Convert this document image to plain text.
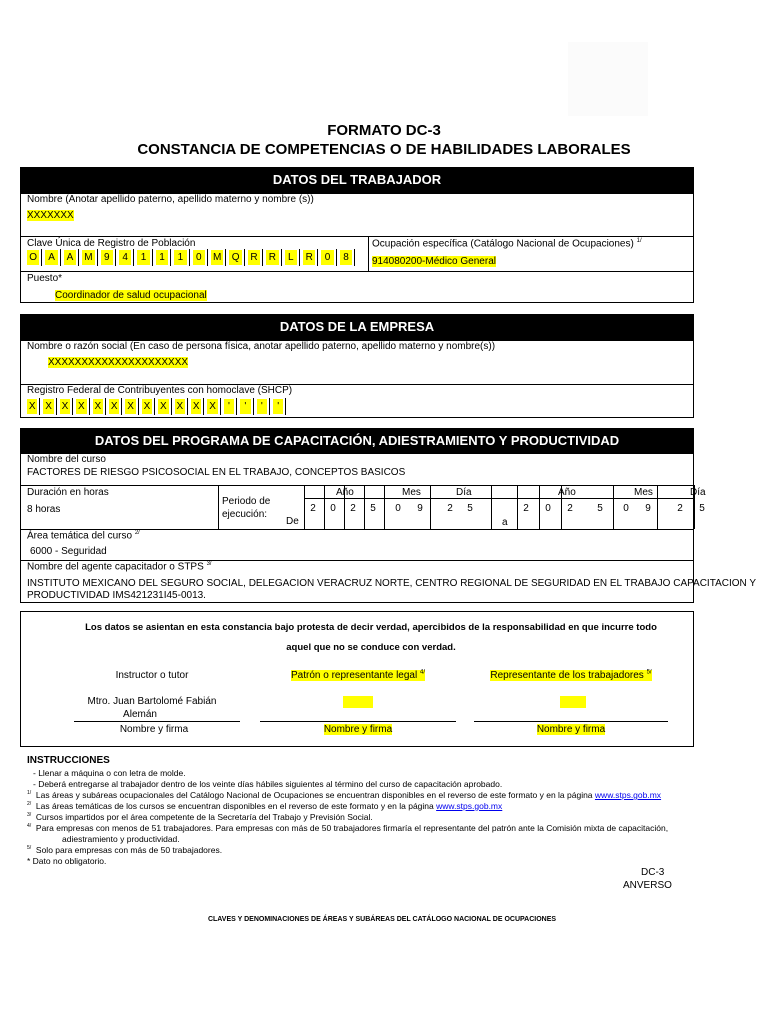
FORMATO DC-3
CONSTANCIA DE COMPETENCIAS O DE HABILIDADES LABORALES
DATOS DEL TRABAJADOR
Nombre (Anotar apellido paterno, apellido materno y nombre (s))
XXXXXXX
Clave Única de Registro de Población
O A A M	9	4	1	1	1	0	M Q R R	L	R	0	8
Ocupación específica (Catálogo Nacional de Ocupaciones) $^{1/}$
914080200-Médico General
Puesto*
Coordinador de salud ocupacional
DATOS DE LA EMPRESA
Nombre o razón social (En caso de persona física, anotar apellido paterno, apellido materno y nombre(s))
XXXXXXXXXXXXXXXXXXXXX
Registro Federal de Contribuyentes con homoclave (SHCP)
X X X X X X X X X X X X	'	'	'	'
DATOS DEL PROGRAMA DE CAPACITACIÓN, ADIESTRAMIENTO Y PRODUCTIVIDAD
Nombre del curso
FACTORES DE RIESGO PSICOSOCIAL EN EL TRABAJO, CONCEPTOS BASICOS
Duración en horas
8 horas
Periodo de
ejecución:
De	a
Año	Mes	Día	Año	Mes	Día
2	0	2	5	0	9	2	5	2	0	2	5	0	9	2	5
Área temática del curso $^{2/}$
6000 - Seguridad
Nombre del agente capacitador o STPS $^{3/}$
INSTITUTO MEXICANO DEL SEGURO SOCIAL, DELEGACION VERACRUZ NORTE, CENTRO REGIONAL DE SEGURIDAD EN EL TRABAJO CAPACITACION Y
PRODUCTIVIDAD IMS421231I45-0013.
Los datos se asientan en esta constancia bajo protesta de decir verdad, apercibidos de la responsabilidad en que incurre todo
aquel que no se conduce con verdad.
Instructor o tutor	Patrón o representante legal $^{4/}$	Representante de los trabajadores $^{5/}$
Mtro. Juan Bartolomé Fabián
Alemán
Nombre y firma	Nombre y firma	Nombre y firma
INSTRUCCIONES
- Llenar a máquina o con letra de molde.
- Deberá entregarse al trabajador dentro de los veinte días hábiles siguientes al término del curso de capacitación aprobado.
$^{1/}$ Las áreas y subáreas ocupacionales del Catálogo Nacional de Ocupaciones se encuentran disponibles en el reverso de este formato y en la página www.stps.gob.mx
$^{2/}$ Las áreas temáticas de los cursos se encuentran disponibles en el reverso de este formato y en la página www.stps.gob.mx
$^{3/}$ Cursos impartidos por el área competente de la Secretaría del Trabajo y Previsión Social.
$^{4/}$ Para empresas con menos de 51 trabajadores. Para empresas con más de 50 trabajadores firmaría el representante del patrón ante la Comisión mixta de capacitación,
adiestramiento y productividad.
$^{5/}$ Solo para empresas con más de 50 trabajadores.
* Dato no obligatorio.
DC-3
ANVERSO
CLAVES Y DENOMINACIONES DE ÁREAS Y SUBÁREAS DEL CATÁLOGO NACIONAL DE OCUPACIONES
